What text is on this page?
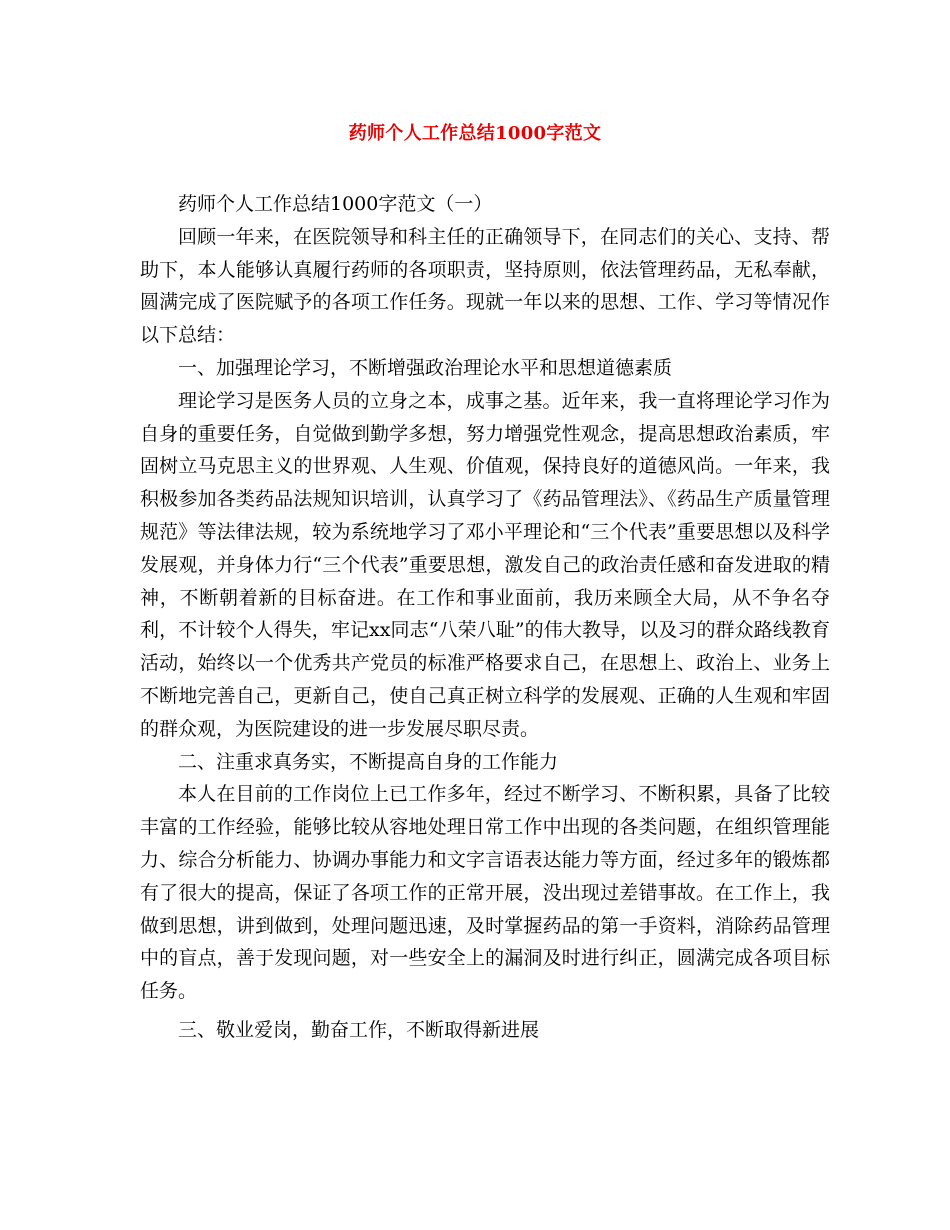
药师个人工作总结1000字范文

药师个人工作总结1000字范文（一）

回顾一年来，在医院领导和科主任的正确领导下，在同志们的关心、支持、帮助下，本人能够认真履行药师的各项职责，坚持原则，依法管理药品，无私奉献，圆满完成了医院赋予的各项工作任务。现就一年以来的思想、工作、学习等情况作以下总结：

一、加强理论学习，不断增强政治理论水平和思想道德素质

理论学习是医务人员的立身之本，成事之基。近年来，我一直将理论学习作为自身的重要任务，自觉做到勤学多想，努力增强党性观念，提高思想政治素质，牢固树立马克思主义的世界观、人生观、价值观，保持良好的道德风尚。一年来，我积极参加各类药品法规知识培训，认真学习了《药品管理法》、《药品生产质量管理规范》等法律法规，较为系统地学习了邓小平理论和“三个代表”重要思想以及科学发展观，并身体力行“三个代表”重要思想，激发自己的政治责任感和奋发进取的精神，不断朝着新的目标奋进。在工作和事业面前，我历来顾全大局，从不争名夺利，不计较个人得失，牢记xx同志“八荣八耻”的伟大教导，以及习的群众路线教育活动，始终以一个优秀共产党员的标准严格要求自己，在思想上、政治上、业务上不断地完善自己，更新自己，使自己真正树立科学的发展观、正确的人生观和牢固的群众观，为医院建设的进一步发展尽职尽责。

二、注重求真务实，不断提高自身的工作能力

本人在目前的工作岗位上已工作多年，经过不断学习、不断积累，具备了比较丰富的工作经验，能够比较从容地处理日常工作中出现的各类问题，在组织管理能力、综合分析能力、协调办事能力和文字言语表达能力等方面，经过多年的锻炼都有了很大的提高，保证了各项工作的正常开展，没出现过差错事故。在工作上，我做到思想，讲到做到，处理问题迅速，及时掌握药品的第一手资料，消除药品管理中的盲点，善于发现问题，对一些安全上的漏洞及时进行纠正，圆满完成各项目标任务。

三、敬业爱岗，勤奋工作，不断取得新进展
